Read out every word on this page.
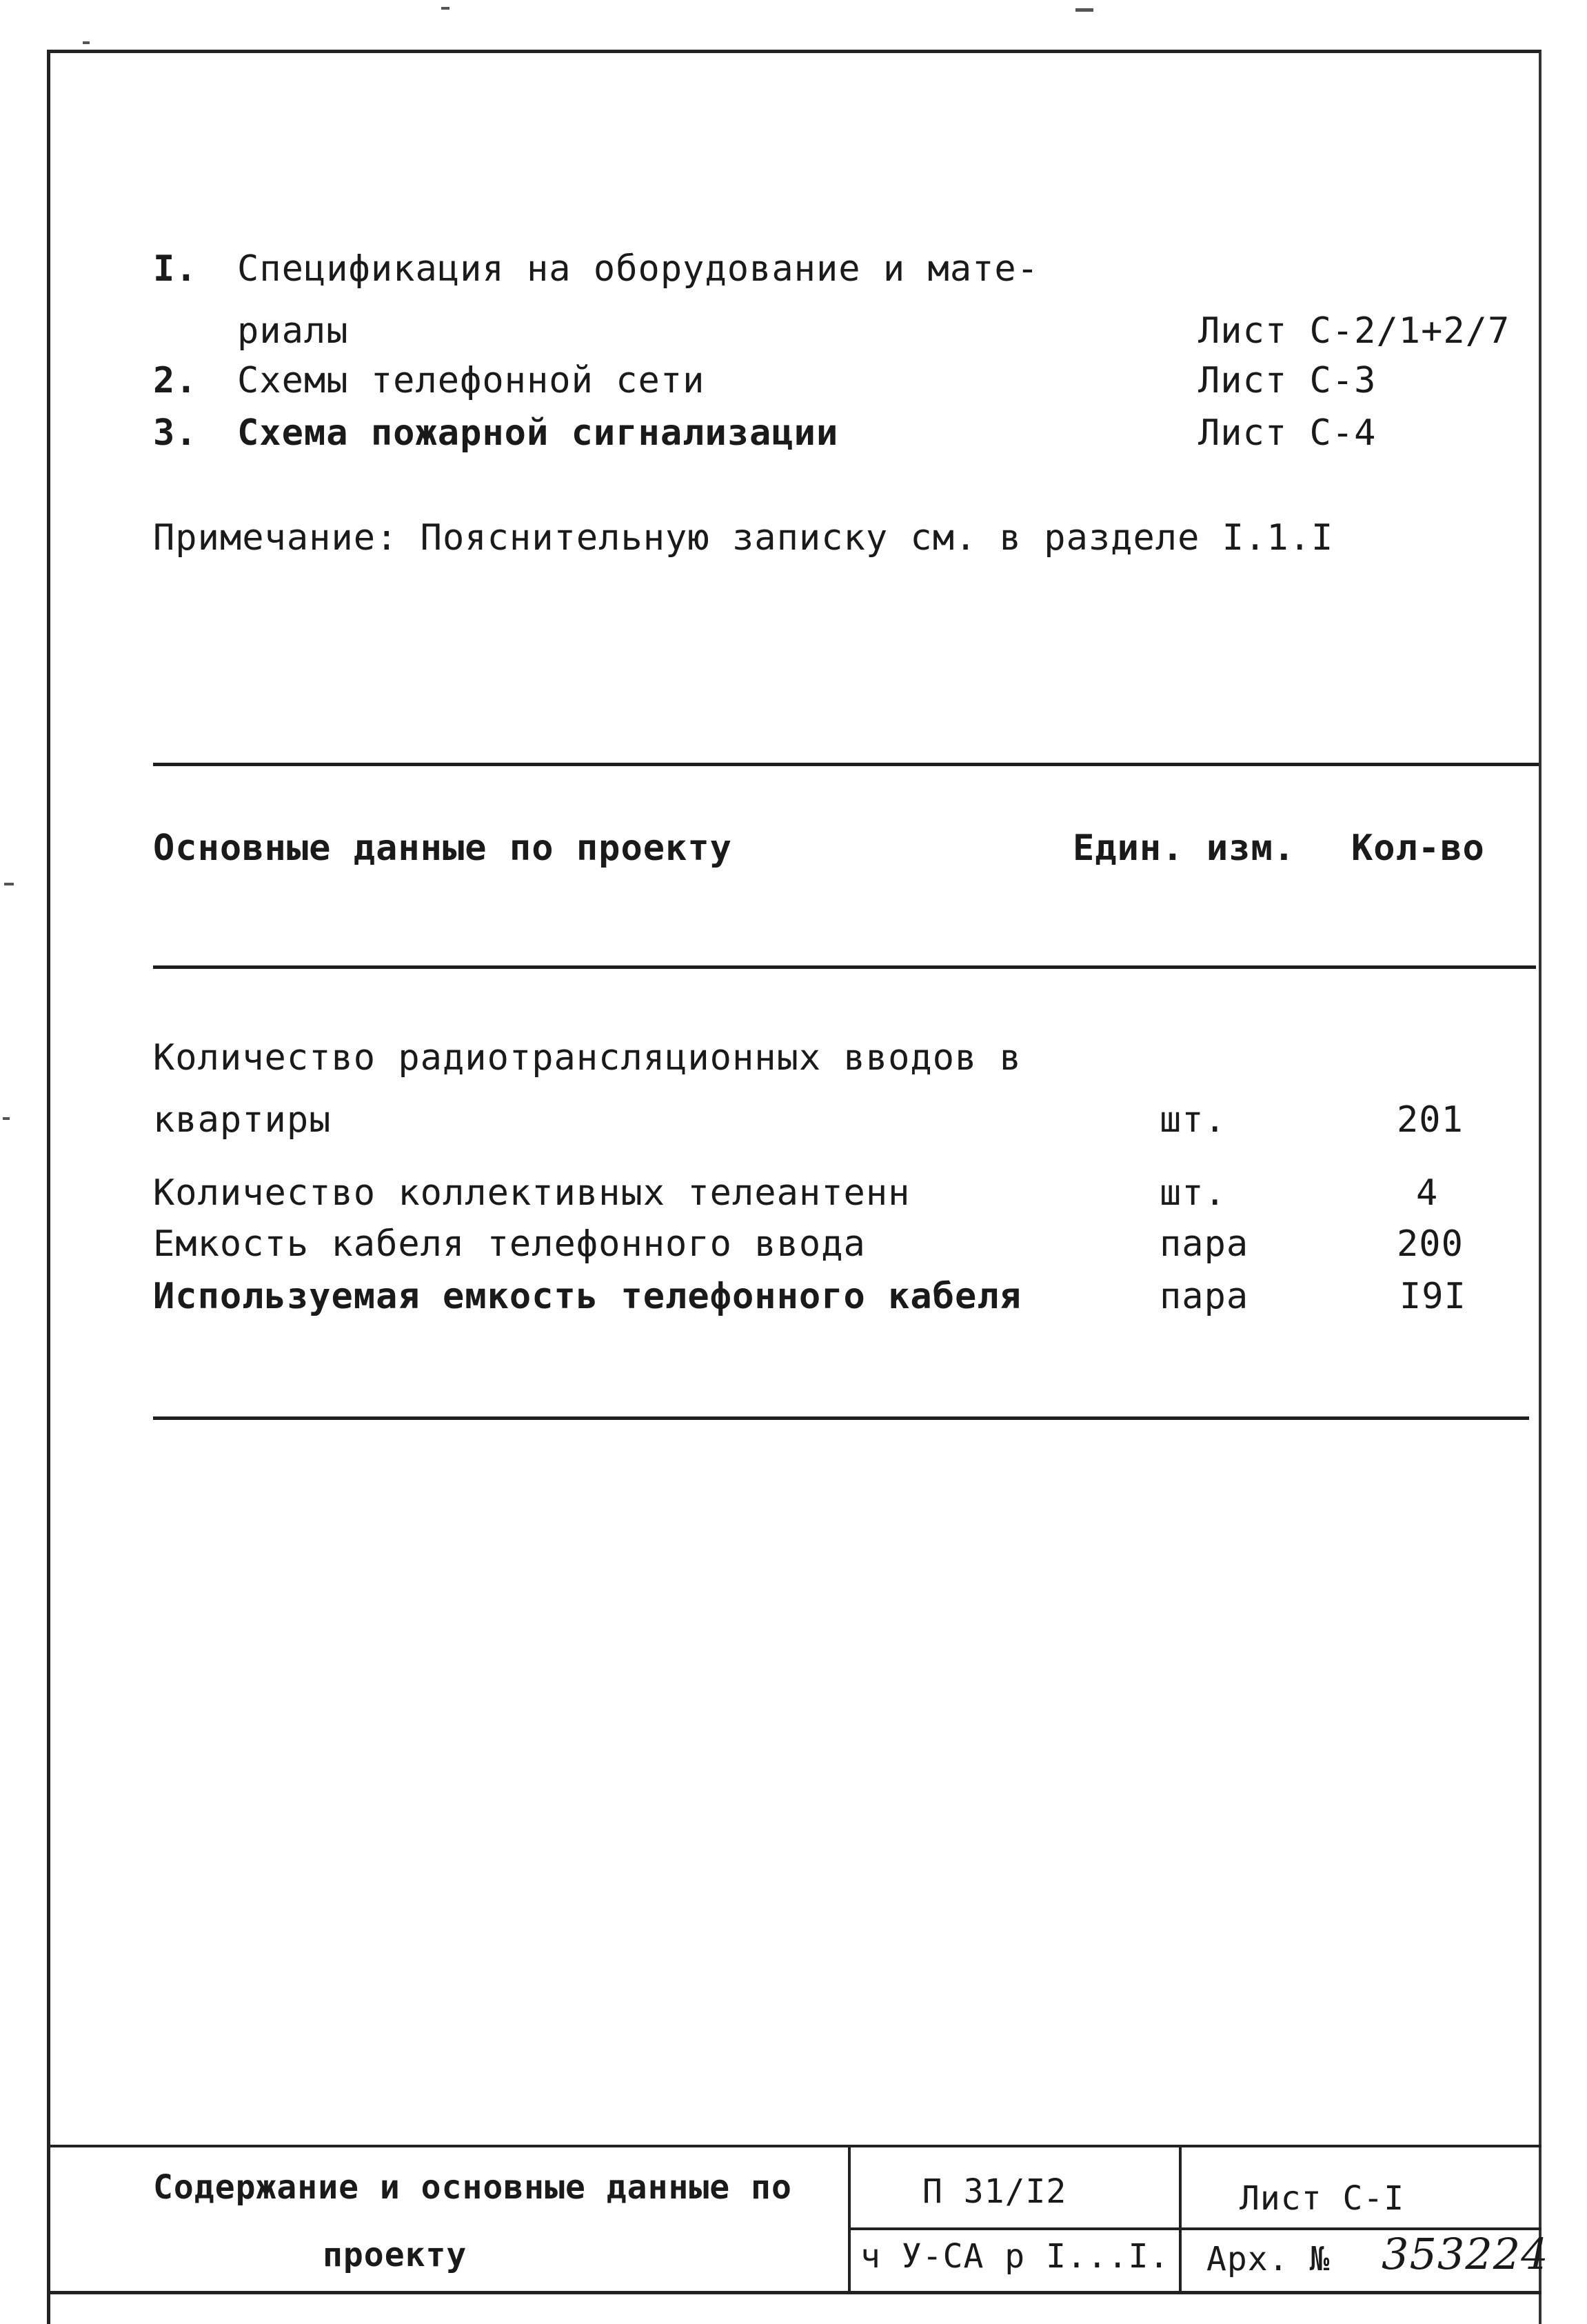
I. Спецификация на оборудование и мате-
риалы	Лист С-2/1+2/7
2. Схемы телефонной сети	Лист С-3
3. Схема пожарной сигнализации	Лист С-4
Примечание: Пояснительную записку см. в разделе I.1.I
Основные данные по проекту	Един. изм. Кол-во
Количество радиотрансляционных вводов в
квартиры	шт.	201
Количество коллективных телеантенн	шт.	4
Емкость кабеля телефонного ввода	пара	200
Используемая емкость телефонного кабеля	пара	I9I
Содержание и основные данные по
проекту
П 31/I2
ч У-СА р I...I.
Лист С-I
Арх. № 353224
